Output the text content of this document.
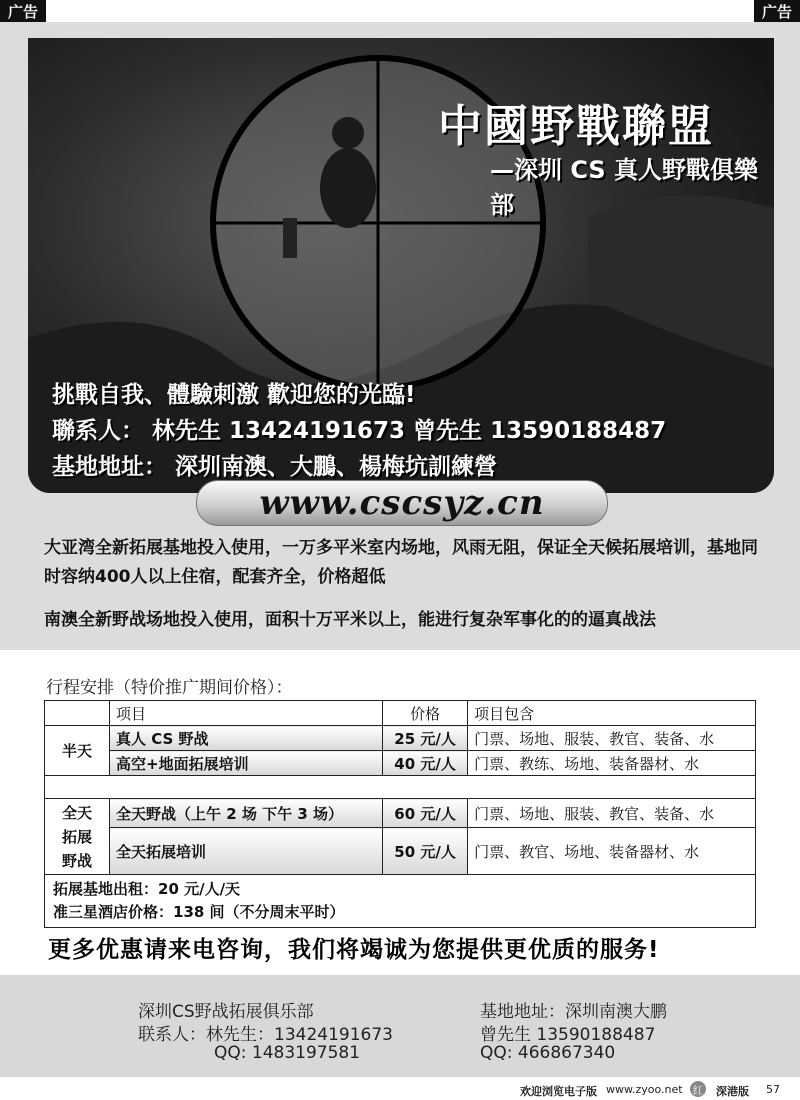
广告	广告
中國野戰聯盟
—深圳 CS 真人野戰俱樂部
挑戰自我、體驗刺激 歡迎您的光臨!
聯系人： 林先生 13424191673 曾先生 13590188487
基地地址： 深圳南澳、大鵬、楊梅坑訓練營
www.cscsyz.cn
大亚湾全新拓展基地投入使用，一万多平米室内场地，风雨无阻，保证全天候拓展培训，基地同时容纳400人以上住宿，配套齐全，价格超低
南澳全新野战场地投入使用，面积十万平米以上，能进行复杂军事化的的逼真战法
行程安排（特价推广期间价格）：
	项目	价格	项目包含
半天	真人 CS 野战	25 元/人	门票、场地、服装、教官、装备、水
	高空+地面拓展培训	40 元/人	门票、教练、场地、装备器材、水

全天
拓展
野战	全天野战（上午 2 场 下午 3 场）	60 元/人	门票、场地、服装、教官、装备、水
	全天拓展培训	50 元/人	门票、教官、场地、装备器材、水

拓展基地出租：20 元/人/天
准三星酒店价格：138 间（不分周末平时）			
更多优惠请来电咨询，我们将竭诚为您提供更优质的服务!
深圳CS野战拓展俱乐部	基地地址：深圳南澳大鹏
联系人：林先生：13424191673	曾先生 13590188487
QQ: 1483197581	QQ: 466867340
欢迎浏览电子版 www.zyoo.net	深港版 57
红
